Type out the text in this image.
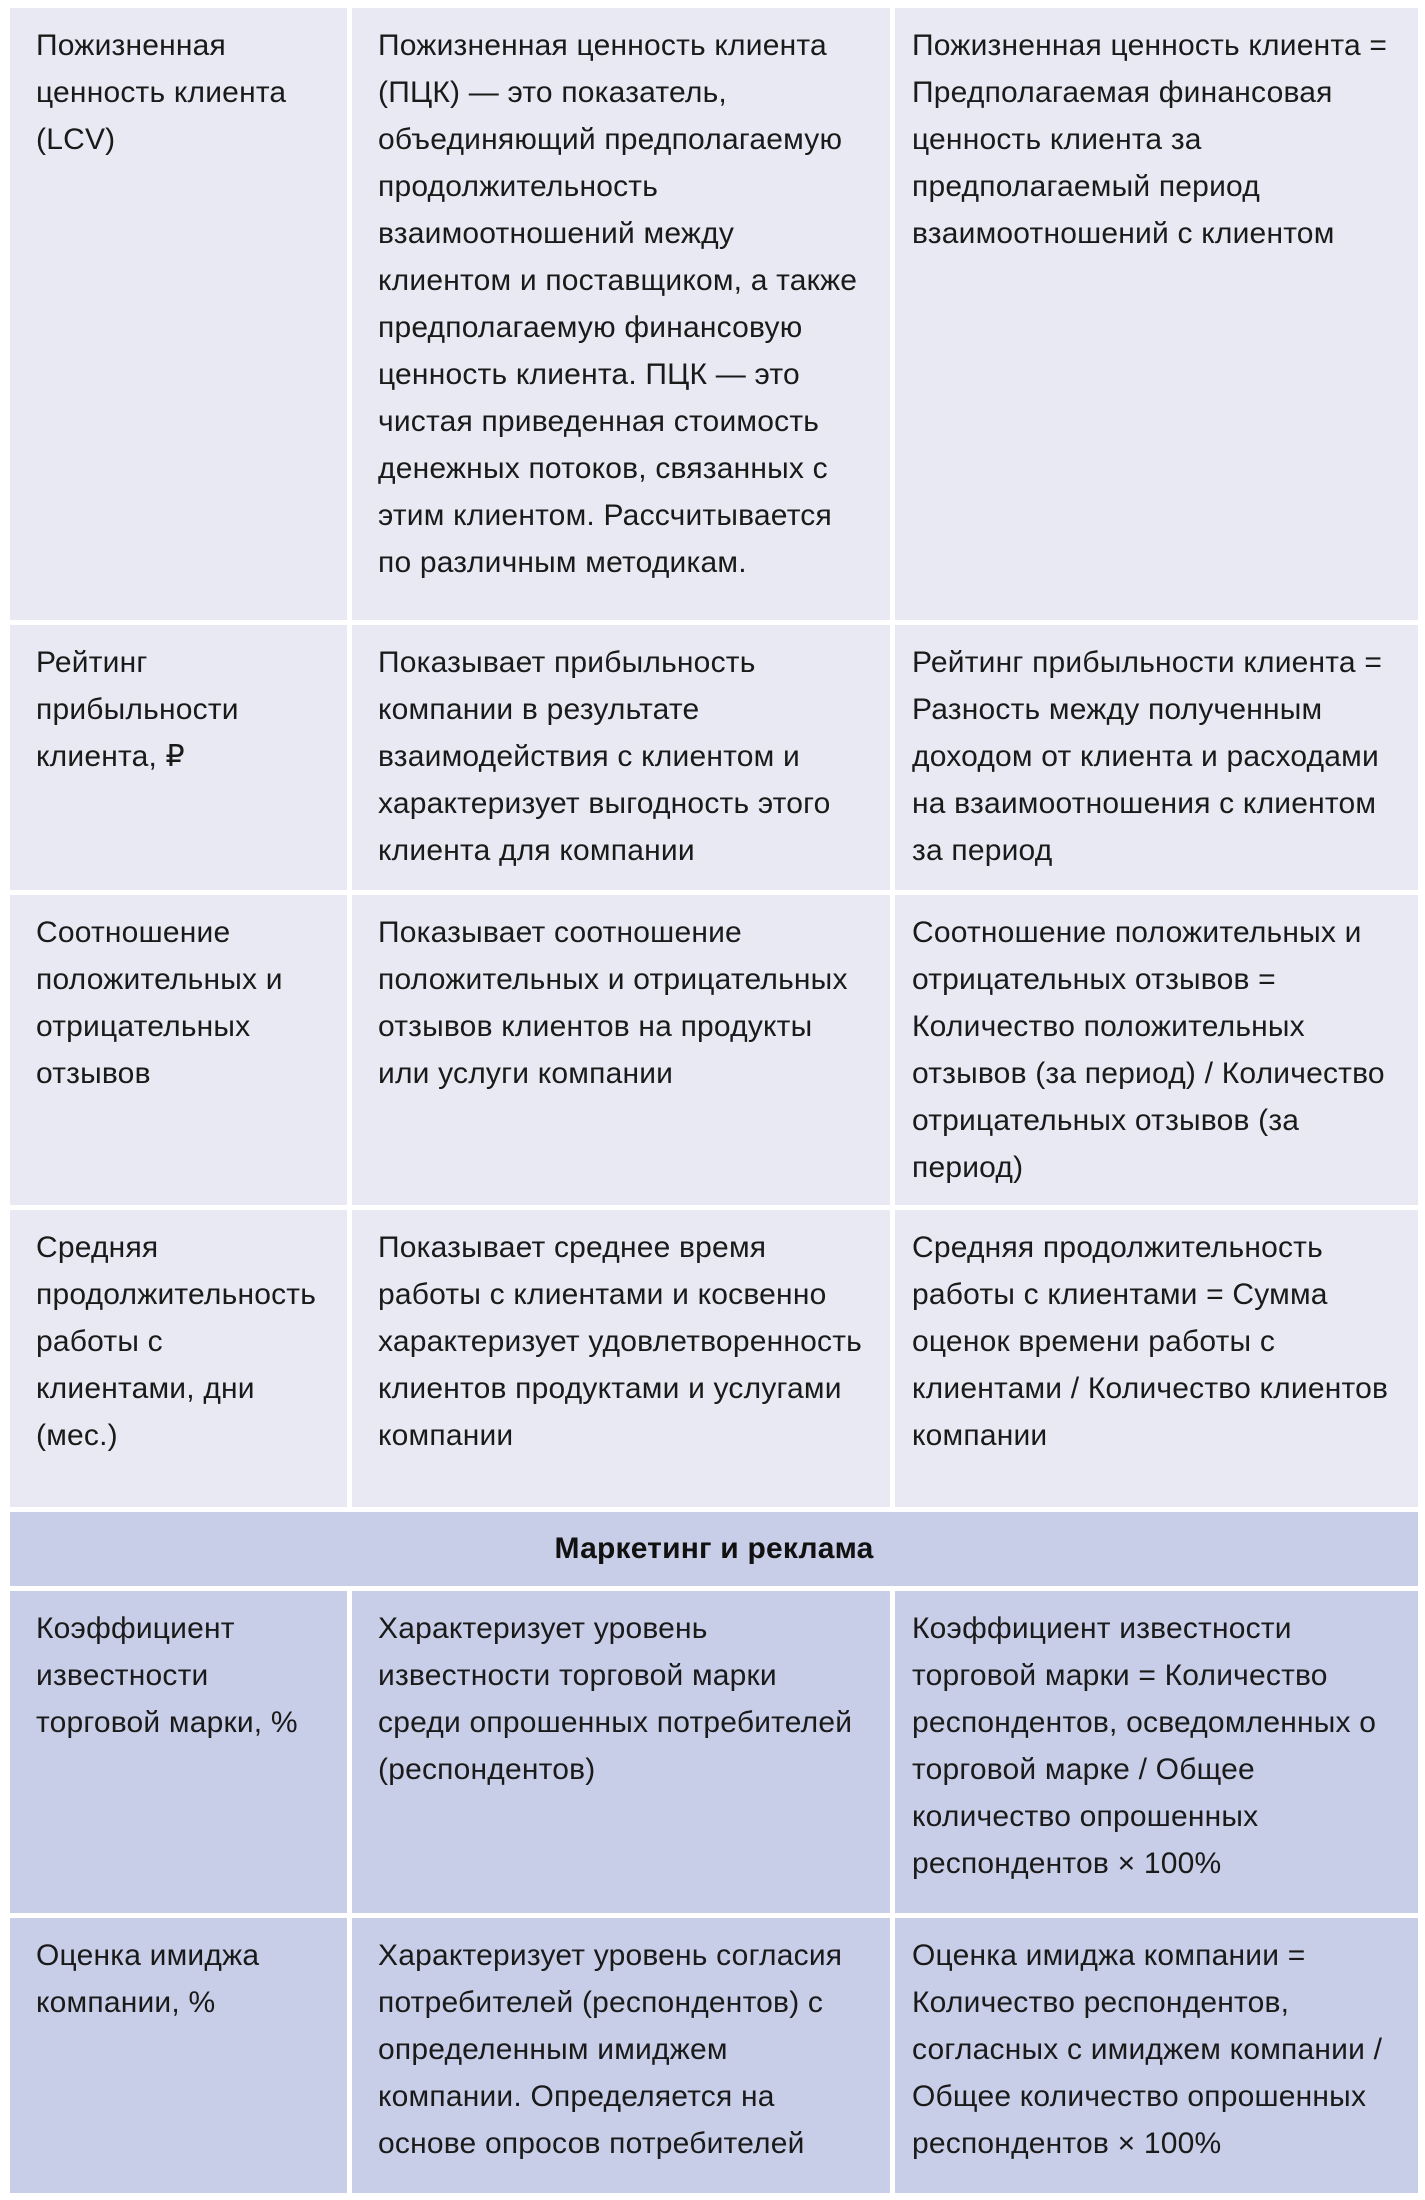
Пожизненная ценность клиента (LCV)
Пожизненная ценность клиента (ПЦК) — это показатель, объединяющий предполагаемую продолжительность взаимоотношений между клиентом и поставщиком, а также предполагаемую финансовую ценность клиента. ПЦК — это чистая приведенная стоимость денежных потоков, связанных с этим клиентом. Рассчитывается по различным методикам.
Пожизненная ценность клиента = Предполагаемая финансовая ценность клиента за предполагаемый период взаимоотношений с клиентом
Рейтинг прибыльности клиента, ₽
Показывает прибыльность компании в результате взаимодействия с клиентом и характеризует выгодность этого клиента для компании
Рейтинг прибыльности клиента = Разность между полученным доходом от клиента и расходами на взаимоотношения с клиентом за период
Соотношение положительных и отрицательных отзывов
Показывает соотношение положительных и отрицательных отзывов клиентов на продукты или услуги компании
Соотношение положительных и отрицательных отзывов = Количество положительных отзывов (за период) / Количество отрицательных отзывов (за период)
Средняя продолжительность работы с клиентами, дни (мес.)
Показывает среднее время работы с клиентами и косвенно характеризует удовлетворенность клиентов продуктами и услугами компании
Средняя продолжительность работы с клиентами = Сумма оценок времени работы с клиентами / Количество клиентов компании
Маркетинг и реклама
Коэффициент известности торговой марки, %
Характеризует уровень известности торговой марки среди опрошенных потребителей (респондентов)
Коэффициент известности торговой марки = Количество респондентов, осведомленных о торговой марке / Общее количество опрошенных респондентов × 100%
Оценка имиджа компании, %
Характеризует уровень согласия потребителей (респондентов) с определенным имиджем компании. Определяется на основе опросов потребителей
Оценка имиджа компании = Количество респондентов, согласных с имиджем компании / Общее количество опрошенных респондентов × 100%
